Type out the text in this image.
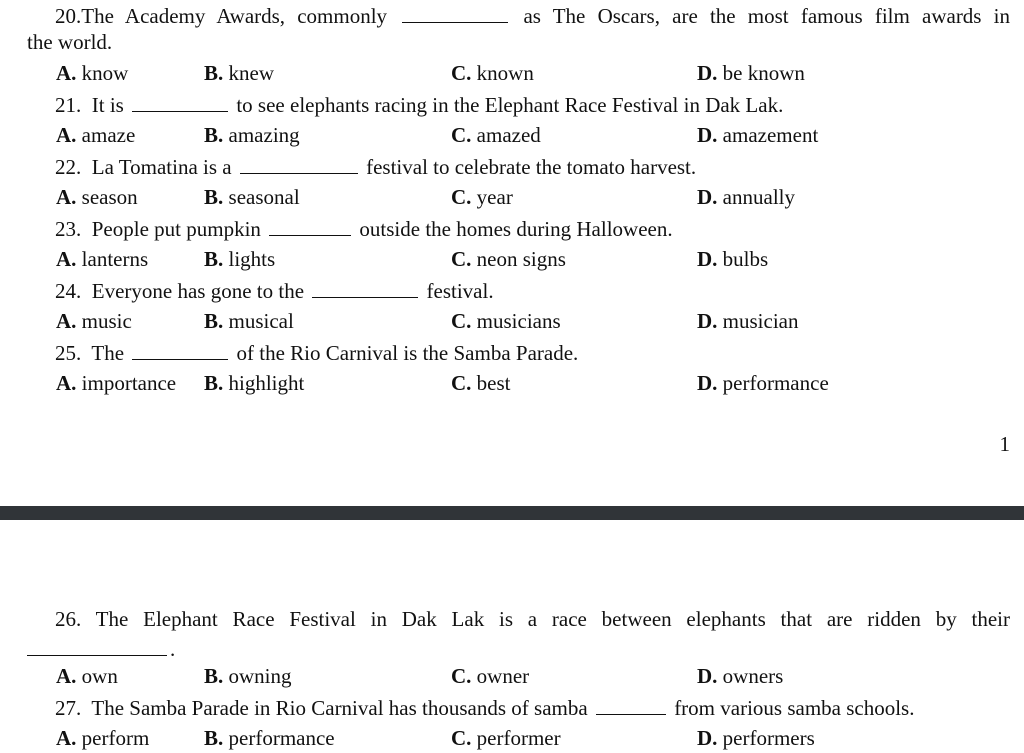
20.The Academy Awards, commonly	as The Oscars, are the most famous film awards in
the world.
A. know	B. knew	C. known	D. be known
21. It is	to see elephants racing in the Elephant Race Festival in Dak Lak.
A. amaze	B. amazing	C. amazed	D. amazement
22. La Tomatina is a	festival to celebrate the tomato harvest.
A. season	B. seasonal	C. year	D. annually
23. People put pumpkin	outside the homes during Halloween.
A. lanterns	B. lights	C. neon signs	D. bulbs
24. Everyone has gone to the	festival.
A. music	B. musical	C. musicians	D. musician
25. The	of the Rio Carnival is the Samba Parade.
A. importance B. highlight	C. best	D. performance
1
26. The Elephant Race Festival in Dak Lak is a race between elephants that are ridden by their
.
A. own	B. owning	C. owner	D. owners
27. The Samba Parade in Rio Carnival has thousands of samba	from various samba schools.
A. perform	B. performance	C. performer	D. performers
